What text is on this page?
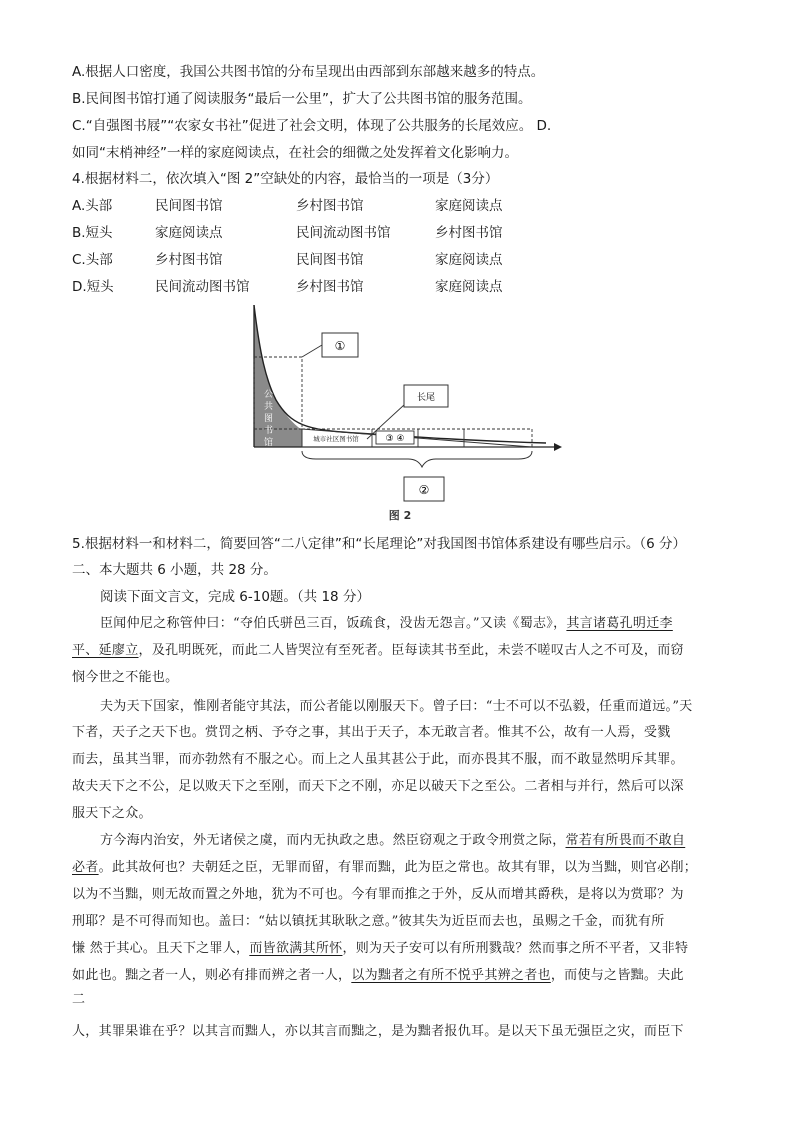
A.根据人口密度，我国公共图书馆的分布呈现出由西部到东部越来越多的特点。
B.民间图书馆打通了阅读服务“最后一公里”，扩大了公共图书馆的服务范围。
C.“自强图书屐”“农家女书社”促进了社会文明，体现了公共服务的长尾效应。 D.
如同“末梢神经”一样的家庭阅读点，在社会的细微之处发挥着文化影响力。
4.根据材料二，依次填入“图 2”空缺处的内容，最恰当的一项是（3分）
A.头部	民间图书馆	乡村图书馆	家庭阅读点
B.短头	家庭阅读点	民间流动图书馆	乡村图书馆
C.头部	乡村图书馆	民间图书馆	家庭阅读点
D.短头	民间流动图书馆	乡村图书馆	家庭阅读点
③ ④
城市社区图书馆
公
共
图
书
馆
①
长尾
②
图 2
5.根据材料一和材料二，简要回答“二八定律”和“长尾理论”对我国图书馆体系建设有哪些启示。（6 分）
二、本大题共 6 小题，共 28 分。
阅读下面文言文，完成 6-10题。（共 18 分）
臣闻仲尼之称管仲曰：“夺伯氏骈邑三百，饭疏食，没齿无怨言。”又读《蜀志》，其言诸葛孔明迁李
平、延廖立，及孔明既死，而此二人皆哭泣有至死者。臣每读其书至此，未尝不嗟叹古人之不可及，而窃
悯今世之不能也。
夫为天下国家，惟刚者能守其法，而公者能以刚服天下。曾子曰：“士不可以不弘毅，任重而道远。”天
下者，天子之天下也。赏罚之柄、予夺之事，其出于天子，本无敢言者。惟其不公，故有一人焉，受戮
而去，虽其当罪，而亦勃然有不服之心。而上之人虽其甚公于此，而亦畏其不服，而不敢显然明斥其罪。
故夫天下之不公，足以败天下之至刚，而天下之不刚，亦足以破天下之至公。二者相与并行，然后可以深
服天下之众。
方今海内治安，外无诸侯之虞，而内无执政之患。然臣窃观之于政令刑赏之际，常若有所畏而不敢自
必者。此其故何也？夫朝廷之臣，无罪而留，有罪而黜，此为臣之常也。故其有罪，以为当黜，则官必削；
以为不当黜，则无故而置之外地，犹为不可也。今有罪而推之于外，反从而增其爵秩，是将以为赏耶？为
刑耶？是不可得而知也。盖曰：“姑以镇抚其耿耿之意。”彼其失为近臣而去也，虽赐之千金，而犹有所
慊 然于其心。且天下之罪人，而皆欲满其所怀，则为天子安可以有所刑戮哉？然而事之所不平者，又非特
如此也。黜之者一人，则必有排而辨之者一人，以为黜者之有所不悦乎其辨之者也，而使与之皆黜。夫此
二
人，其罪果谁在乎？以其言而黜人，亦以其言而黜之，是为黜者报仇耳。是以天下虽无强臣之灾，而臣下
